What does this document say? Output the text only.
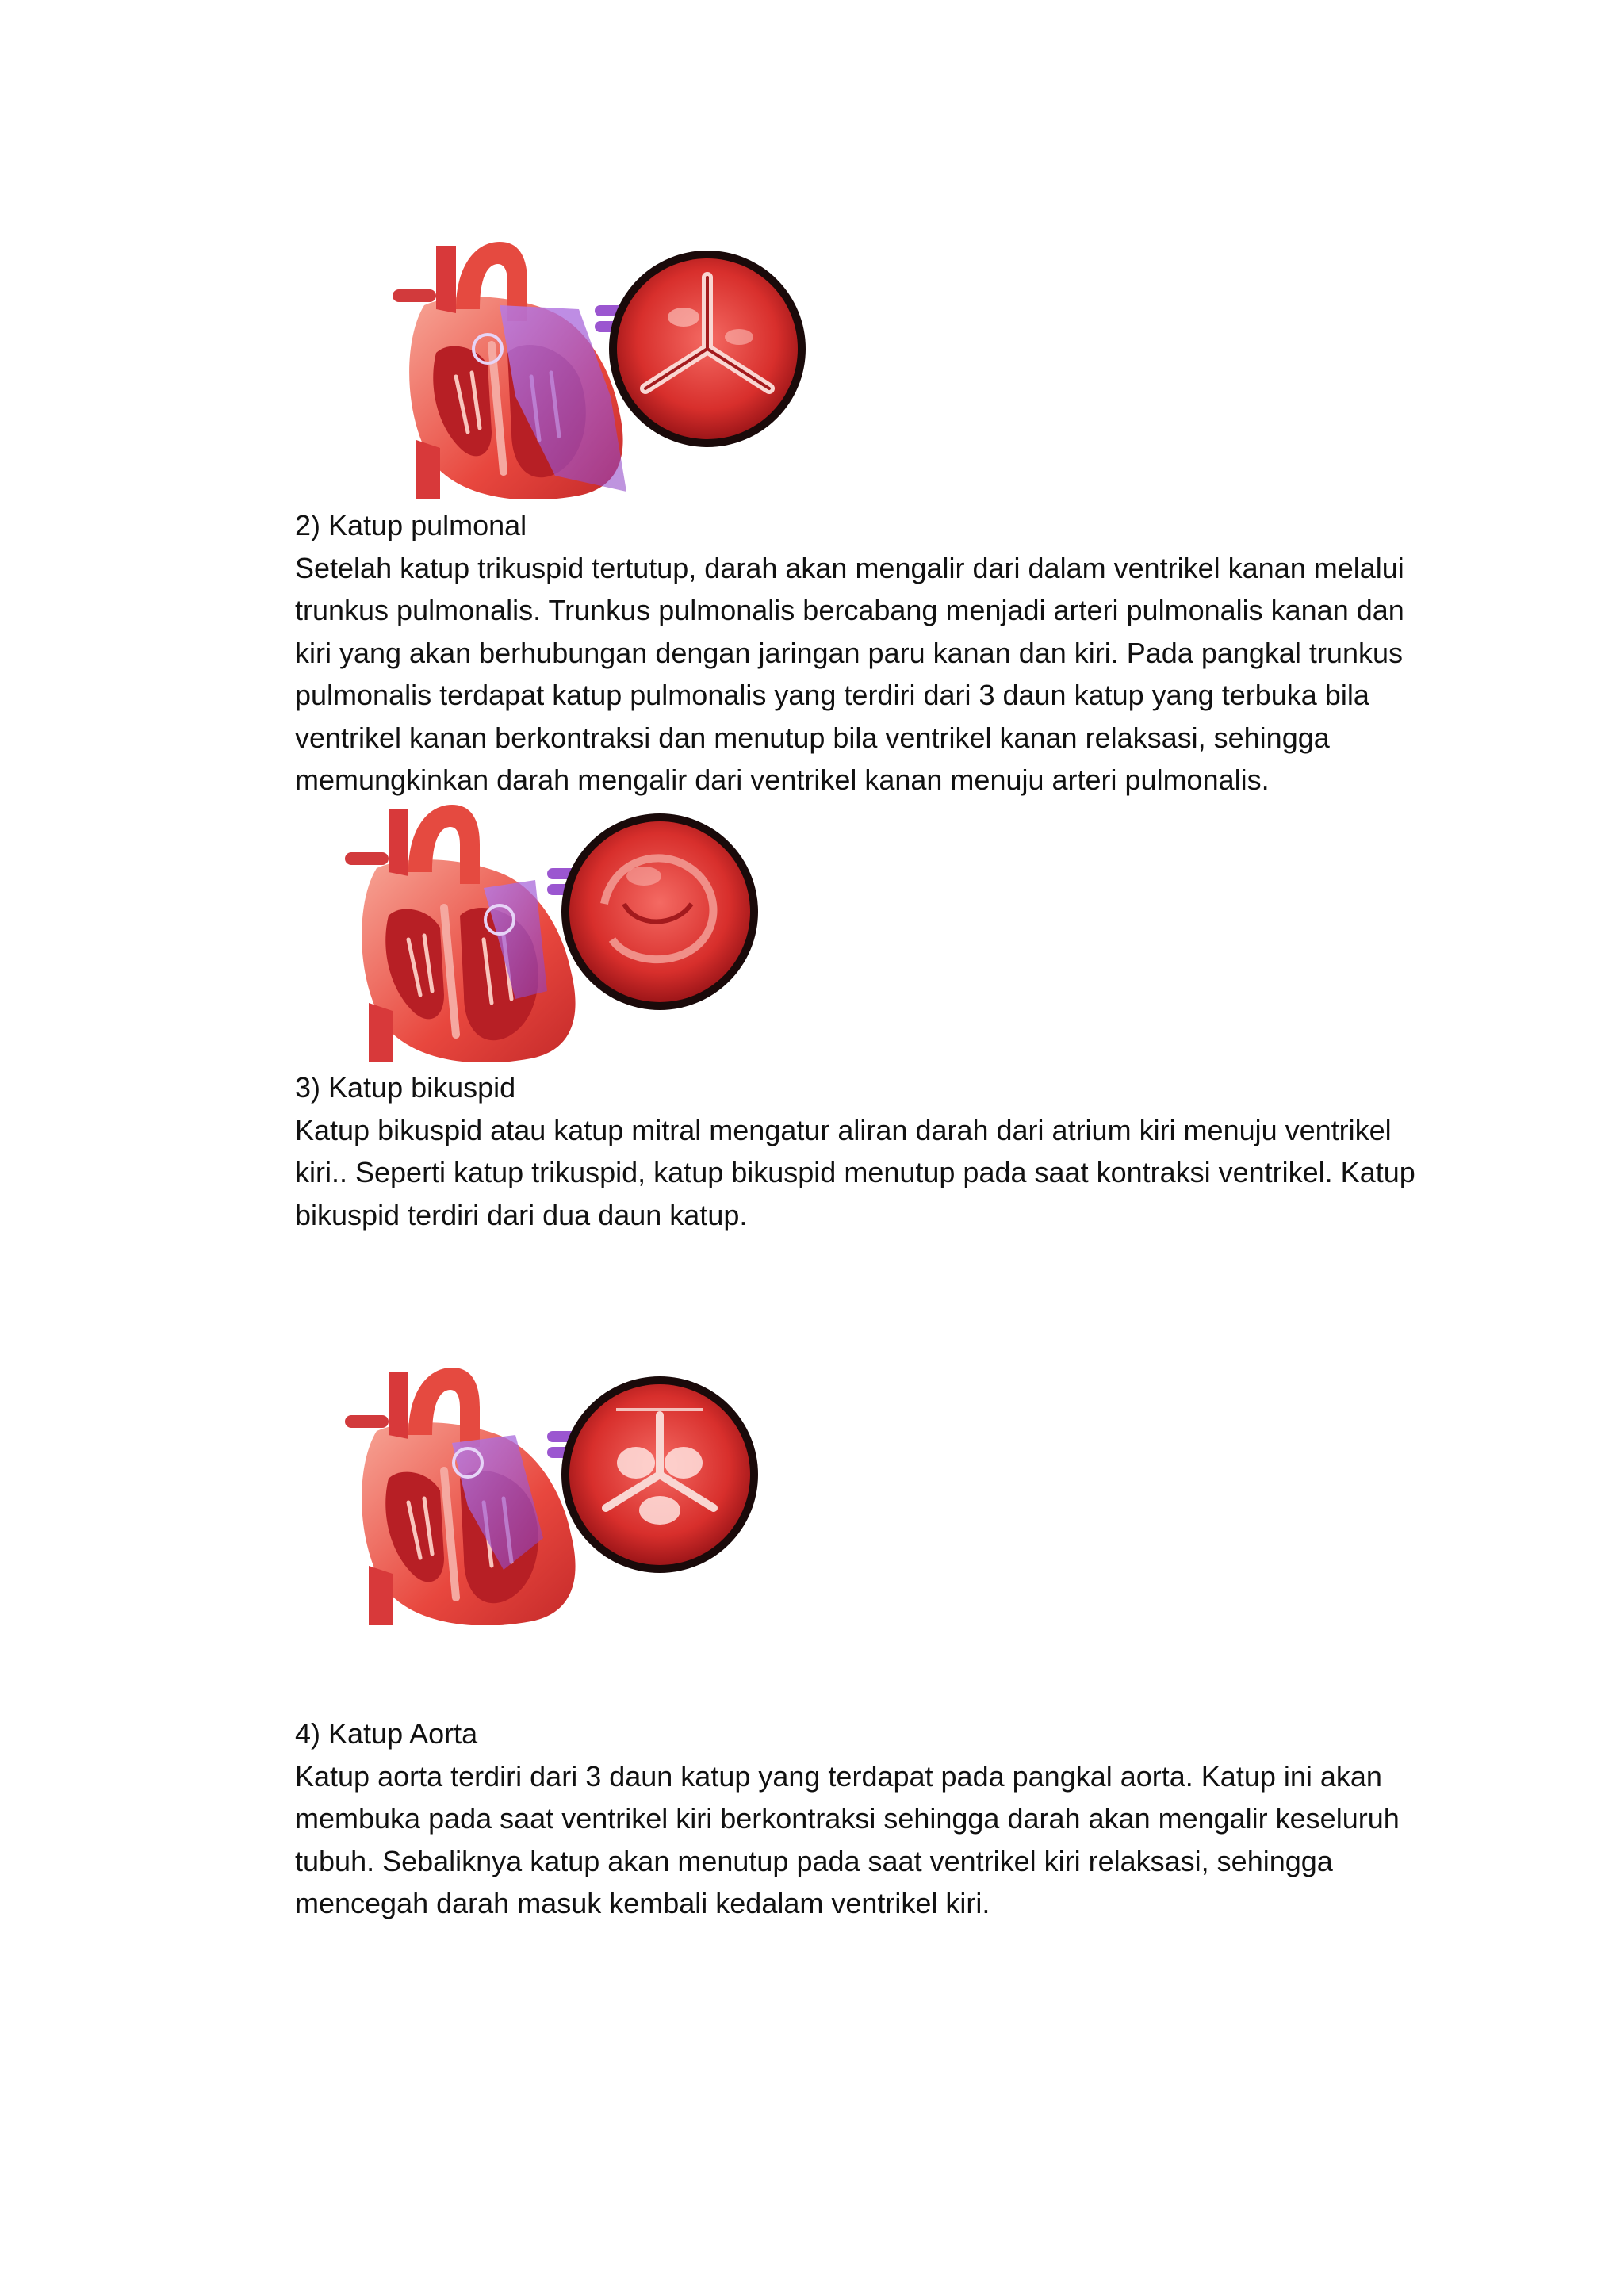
2) Katup pulmonal

Setelah katup trikuspid tertutup, darah akan mengalir dari dalam ventrikel kanan melalui trunkus pulmonalis. Trunkus pulmonalis bercabang menjadi arteri pulmonalis kanan dan kiri yang akan berhubungan dengan jaringan paru kanan dan kiri. Pada pangkal trunkus pulmonalis terdapat katup pulmonalis yang terdiri dari 3 daun katup yang terbuka bila ventrikel kanan berkontraksi dan menutup bila ventrikel kanan relaksasi, sehingga memungkinkan darah mengalir dari ventrikel kanan menuju arteri pulmonalis.

3) Katup bikuspid

Katup bikuspid atau katup mitral mengatur aliran darah dari atrium kiri menuju ventrikel kiri.. Seperti katup trikuspid, katup bikuspid menutup pada saat kontraksi ventrikel. Katup bikuspid terdiri dari dua daun katup.

4) Katup Aorta

Katup aorta terdiri dari 3 daun katup yang terdapat pada pangkal aorta. Katup ini akan membuka pada saat ventrikel kiri berkontraksi sehingga darah akan mengalir keseluruh tubuh. Sebaliknya katup akan menutup pada saat ventrikel kiri relaksasi, sehingga mencegah darah masuk kembali kedalam ventrikel kiri.
